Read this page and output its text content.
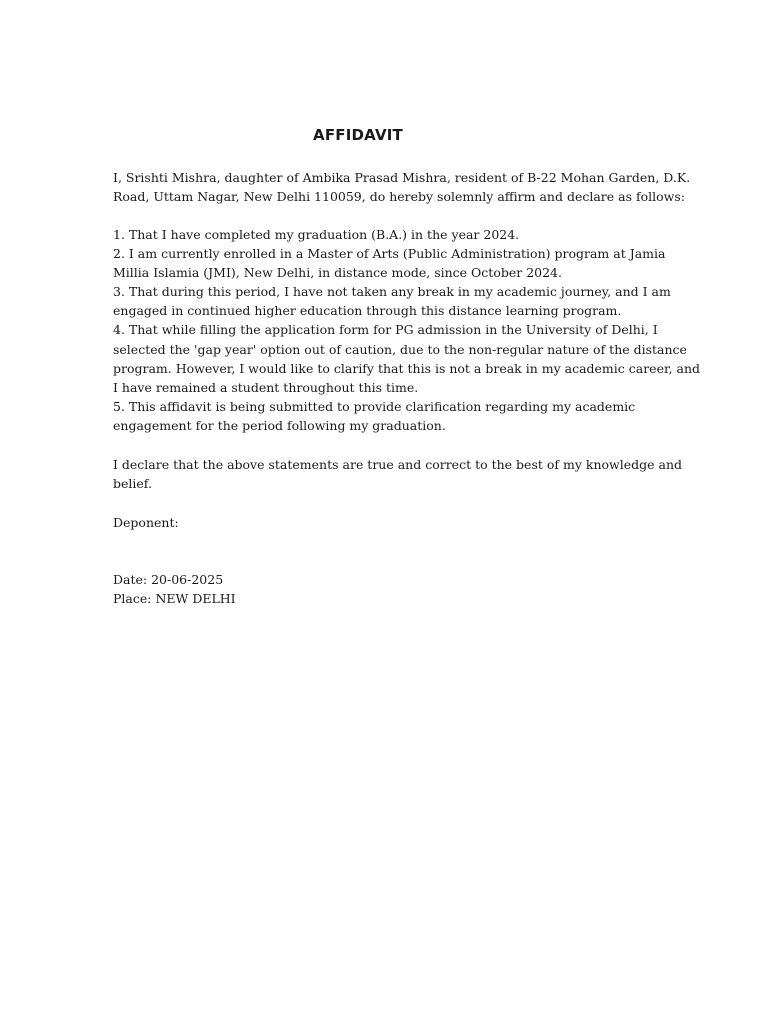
AFFIDAVIT

I, Srishti Mishra, daughter of Ambika Prasad Mishra, resident of B-22 Mohan Garden, D.K.
Road, Uttam Nagar, New Delhi 110059, do hereby solemnly affirm and declare as follows:

1. That I have completed my graduation (B.A.) in the year 2024.
2. I am currently enrolled in a Master of Arts (Public Administration) program at Jamia
Millia Islamia (JMI), New Delhi, in distance mode, since October 2024.
3. That during this period, I have not taken any break in my academic journey, and I am
engaged in continued higher education through this distance learning program.
4. That while filling the application form for PG admission in the University of Delhi, I
selected the 'gap year' option out of caution, due to the non-regular nature of the distance
program. However, I would like to clarify that this is not a break in my academic career, and
I have remained a student throughout this time.
5. This affidavit is being submitted to provide clarification regarding my academic
engagement for the period following my graduation.

I declare that the above statements are true and correct to the best of my knowledge and
belief.

Deponent:

Date: 20-06-2025

Place: NEW DELHI
